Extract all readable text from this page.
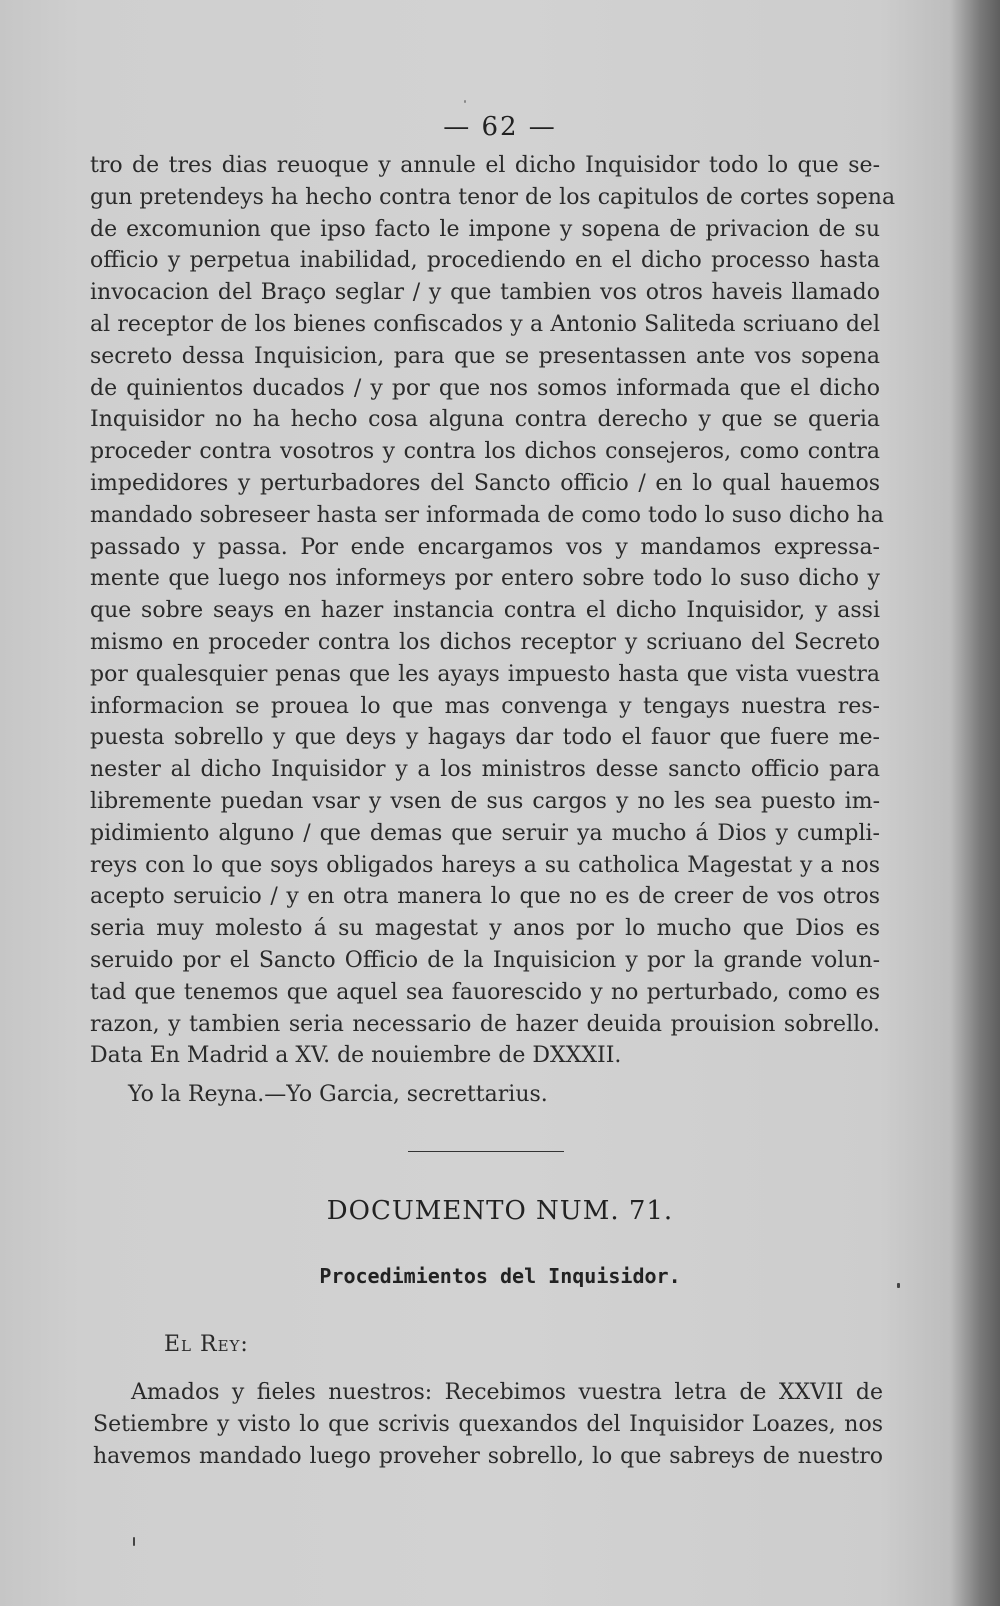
— 62 —
tro de tres dias reuoque y annule el dicho Inquisidor todo lo que se-
gun pretendeys ha hecho contra tenor de los capitulos de cortes sopena
de excomunion que ipso facto le impone y sopena de privacion de su
officio y perpetua inabilidad, procediendo en el dicho processo hasta
invocacion del Braço seglar / y que tambien vos otros haveis llamado
al receptor de los bienes confiscados y a Antonio Saliteda scriuano del
secreto dessa Inquisicion, para que se presentassen ante vos sopena
de quinientos ducados / y por que nos somos informada que el dicho
Inquisidor no ha hecho cosa alguna contra derecho y que se queria
proceder contra vosotros y contra los dichos consejeros, como contra
impedidores y perturbadores del Sancto officio / en lo qual hauemos
mandado sobreseer hasta ser informada de como todo lo suso dicho ha
passado y passa. Por ende encargamos vos y mandamos expressa-
mente que luego nos informeys por entero sobre todo lo suso dicho y
que sobre seays en hazer instancia contra el dicho Inquisidor, y assi
mismo en proceder contra los dichos receptor y scriuano del Secreto
por qualesquier penas que les ayays impuesto hasta que vista vuestra
informacion se prouea lo que mas convenga y tengays nuestra res-
puesta sobrello y que deys y hagays dar todo el fauor que fuere me-
nester al dicho Inquisidor y a los ministros desse sancto officio para
libremente puedan vsar y vsen de sus cargos y no les sea puesto im-
pidimiento alguno / que demas que seruir ya mucho á Dios y cumpli-
reys con lo que soys obligados hareys a su catholica Magestat y a nos
acepto seruicio / y en otra manera lo que no es de creer de vos otros
seria muy molesto á su magestat y anos por lo mucho que Dios es
seruido por el Sancto Officio de la Inquisicion y por la grande volun-
tad que tenemos que aquel sea fauorescido y no perturbado, como es
razon, y tambien seria necessario de hazer deuida prouision sobrello.
Data En Madrid a XV. de nouiembre de DXXXII.
Yo la Reyna.—Yo Garcia, secrettarius.
DOCUMENTO NUM. 71.
Procedimientos del Inquisidor.
El Rey:
Amados y fieles nuestros: Recebimos vuestra letra de XXVII de
Setiembre y visto lo que scrivis quexandos del Inquisidor Loazes, nos
havemos mandado luego proveher sobrello, lo que sabreys de nuestro
